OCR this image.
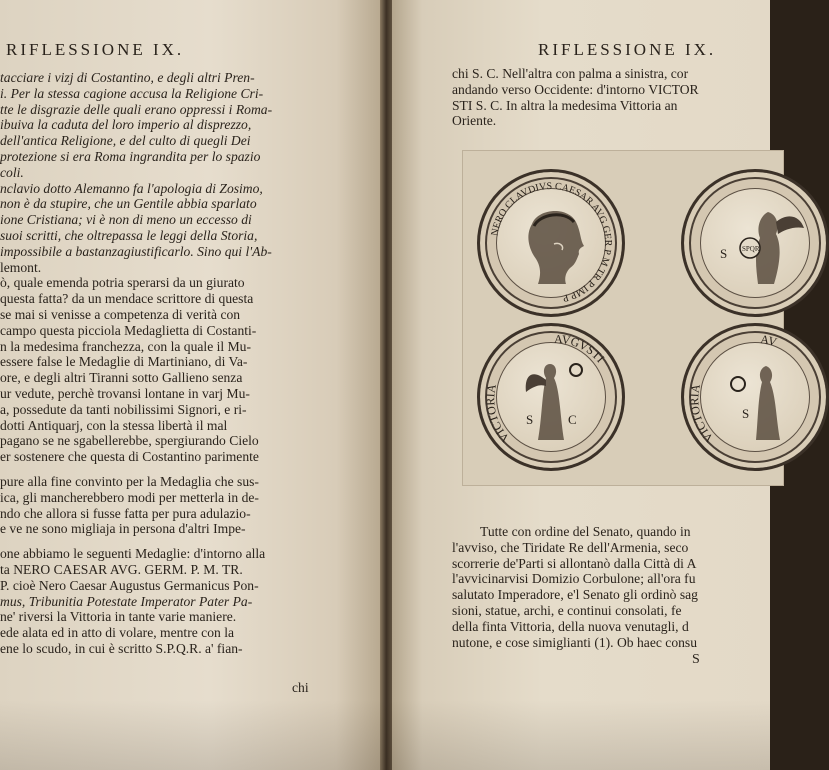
RIFLESSIONE IX.
tacciare i vizj di Costantino, e degli altri Pren-
i. Per la stessa cagione accusa la Religione Cri-
tte le disgrazie delle quali erano oppressi i Roma-
ibuiva la caduta del loro imperio al disprezzo,
dell'antica Religione, e del culto di quegli Dei
protezione si era Roma ingrandita per lo spazio
coli.
nclavio dotto Alemanno fa l'apologia di Zosimo,
non è da stupire, che un Gentile abbia sparlato
ione Cristiana; vi è non di meno un eccesso di
suoi scritti, che oltrepassa le leggi della Storia,
impossibile a bastanzagiustificarlo. Sino qui l'Ab-
lemont.
ò, quale emenda potria sperarsi da un giurato
questa fatta? da un mendace scrittore di questa
se mai si venisse a competenza di verità con
campo questa picciola Medaglietta di Costanti-
n la medesima franchezza, con la quale il Mu-
essere false le Medaglie di Martiniano, di Va-
ore, e degli altri Tiranni sotto Gallieno senza
ur vedute, perchè trovansi lontane in varj Mu-
a, possedute da tanti nobilissimi Signori, e ri-
dotti Antiquarj, con la stessa libertà il mal
pagano se ne sgabellerebbe, spergiurando Cielo
er sostenere che questa di Costantino parimente
pure alla fine convinto per la Medaglia che sus-
ica, gli mancherebbero modi per metterla in de-
ndo che allora si fusse fatta per pura adulazio-
e ve ne sono migliaja in persona d'altri Impe-
one abbiamo le seguenti Medaglie: d'intorno alla
ta NERO CAESAR AVG. GERM. P. M. TR.
P. cioè Nero Caesar Augustus Germanicus Pon-
mus, Tribunitia Potestate Imperator Pater Pa-
ne' riversi la Vittoria in tante varie maniere.
ede alata ed in atto di volare, mentre con la
ene lo scudo, in cui è scritto S.P.Q.R. a' fian-
chi
RIFLESSIONE IX.
chi S. C. Nell'altra con palma a sinistra, cor
andando verso Occidente: d'intorno VICTOR
STI S. C. In altra la medesima Vittoria an
Oriente.
NERO CLAVDIVS CAESAR AVG GER P M TR P IMP P
SPQR
S
VICTORIA
AVGVSTI
S	C
VICTORIA
AV
S
Tutte con ordine del Senato, quando in
l'avviso, che Tiridate Re dell'Armenia, seco
scorrerie de'Parti si allontanò dalla Città di A
l'avvicinarvisi Domizio Corbulone; all'ora fu
salutato Imperadore, e'l Senato gli ordinò sag
sioni, statue, archi, e continui consolati, fe
della finta Vittoria, della nuova venutagli, d
nutone, e cose simiglianti (1). Ob haec consu
S
